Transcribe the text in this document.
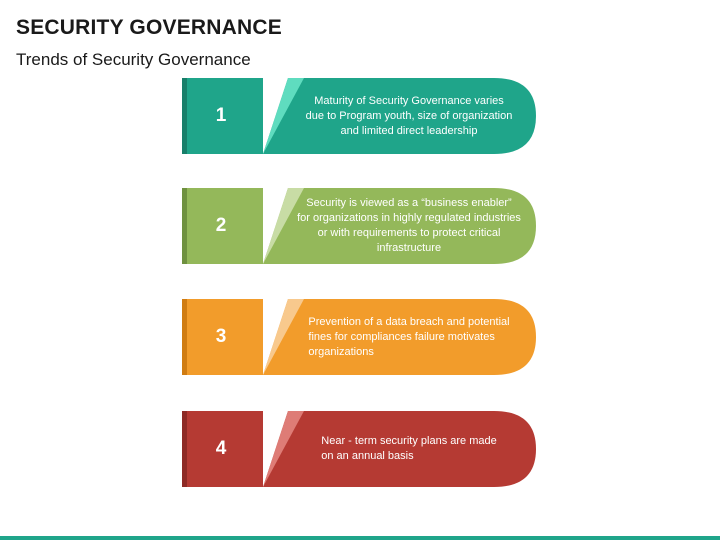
SECURITY GOVERNANCE
Trends of Security Governance
1
Maturity of Security Governance varies
due to Program youth, size of organization
and limited direct leadership
2
Security is viewed as a “business enabler”
for organizations in highly regulated industries
or with requirements to protect critical
infrastructure
3
Prevention of a data breach and potential
fines for compliances failure motivates
organizations
4	Near - term security plans are made
on an annual basis
